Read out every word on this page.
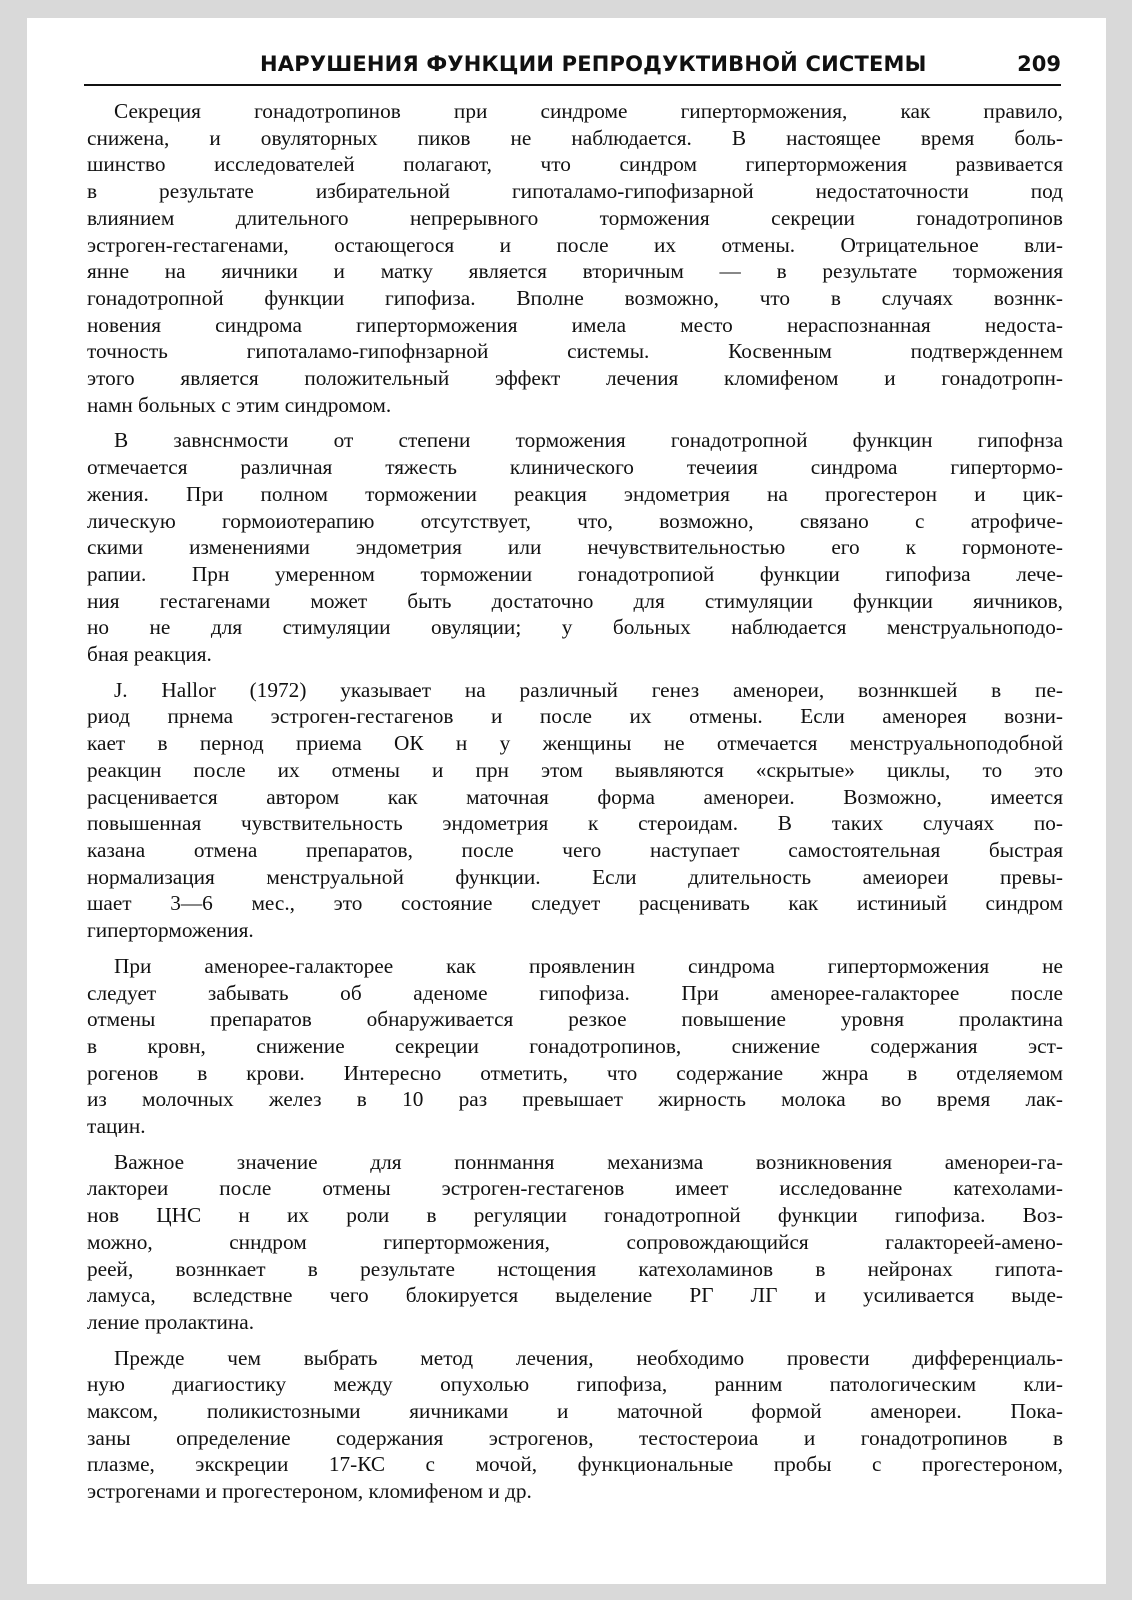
НАРУШЕНИЯ ФУНКЦИИ РЕПРОДУКТИВНОЙ СИСТЕМЫ	209
Секреция гонадотропинов при синдроме гиперторможения, как правило,
снижена, и овуляторных пиков не наблюдается. В настоящее время боль-
шинство исследователей полагают, что синдром гиперторможения развивается
в результате избирательной гипоталамо-гипофизарной недостаточности под
влиянием длительного непрерывного торможения секреции гонадотропинов
эстроген-гестагенами, остающегося и после их отмены. Отрицательное вли-
янне на яичники и матку является вторичным — в результате торможения
гонадотропной функции гипофиза. Вполне возможно, что в случаях возннк-
новения синдрома гиперторможения имела место нераспознанная недоста-
точность гипоталамо-гипофнзарной системы. Косвенным подтвержденнем
этого является положительный эффект лечения кломифеном и гонадотропн-
намн больных с этим синдромом.
В завнснмости от степени торможения гонадотропной функцин гипофнза
отмечается различная тяжесть клинического течеиия синдрома гипертормо-
жения. При полном торможении реакция эндометрия на прогестерон и цик-
лическую гормоиотерапию отсутствует, что, возможно, связано с атрофиче-
скими изменениями эндометрия или нечувствительностью его к гормоноте-
рапии. Прн умеренном торможении гонадотропиой функции гипофиза лече-
ния гестагенами может быть достаточно для стимуляции функции яичников,
но не для стимуляции овуляции; у больных наблюдается менструальноподо-
бная реакция.
J. Hallor (1972) указывает на различный генез аменореи, возннкшей в пе-
риод прнема эстроген-гестагенов и после их отмены. Если аменорея возни-
кает в пернод приема ОК н у женщины не отмечается менструальноподобной
реакцин после их отмены и прн этом выявляются «скрытые» циклы, то это
расценивается автором как маточная форма аменореи. Возможно, имеется
повышенная чувствительность эндометрия к стероидам. В таких случаях по-
казана отмена препаратов, после чего наступает самостоятельная быстрая
нормализация менструальной функции. Если длительность амеиореи превы-
шает 3—6 мес., это состояние следует расценивать как истиниый синдром
гиперторможения.
При аменорее-галакторее как проявленин синдрома гиперторможения не
следует забывать об аденоме гипофиза. При аменорее-галакторее после
отмены препаратов обнаруживается резкое повышение уровня пролактина
в кровн, снижение секреции гонадотропинов, снижение содержания эст-
рогенов в крови. Интересно отметить, что содержание жнра в отделяемом
из молочных желез в 10 раз превышает жирность молока во время лак-
тацин.
Важное значение для поннмання механизма возникновения аменореи-га-
лактореи после отмены эстроген-гестагенов имеет исследованне катехолами-
нов ЦНС н их роли в регуляции гонадотропной функции гипофиза. Воз-
можно, снндром гиперторможения, сопровождающийся галактореей-амено-
реей, возннкает в результате нстощения катехоламинов в нейронах гипота-
ламуса, вследствне чего блокируется выделение РГ ЛГ и усиливается выде-
ление пролактина.
Прежде чем выбрать метод лечения, необходимо провести дифференциаль-
ную диагиостику между опухолью гипофиза, ранним патологическим кли-
максом, поликистозными яичниками и маточной формой аменореи. Пока-
заны определение содержания эстрогенов, тестостероиа и гонадотропинов в
плазме, экскреции 17-КС с мочой, функциональные пробы с прогестероном,
эстрогенами и прогестероном, кломифеном и др.
